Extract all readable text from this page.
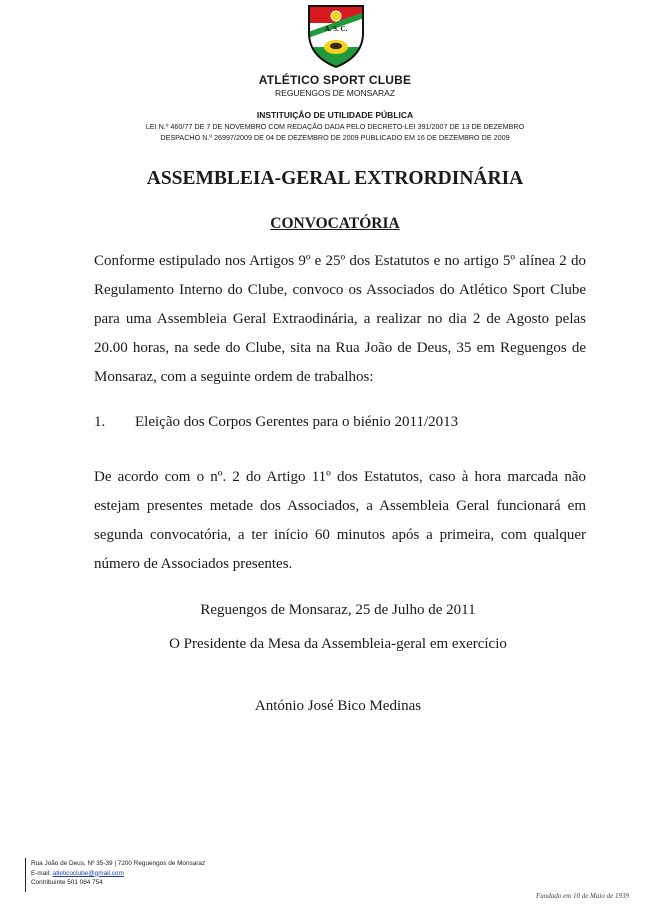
A. S. C.
ATLÉTICO SPORT CLUBE
REGUENGOS DE MONSARAZ
INSTITUIÇÃO DE UTILIDADE PÚBLICA
LEI N.º 460/77 DE 7 DE NOVEMBRO COM REDAÇÃO DADA PELO DECRETO-LEI 391/2007 DE 13 DE DEZEMBRO
DESPACHO N.º 26997/2009 DE 04 DE DEZEMBRO DE 2009 PUBLICADO EM 16 DE DEZEMBRO DE 2009
ASSEMBLEIA-GERAL EXTRORDINÁRIA
CONVOCATÓRIA

Conforme estipulado nos Artigos 9º e 25º dos Estatutos e no artigo 5º alínea 2 do Regulamento Interno do Clube, convoco os Associados do Atlético Sport Clube para uma Assembleia Geral Extraodinária, a realizar no dia 2 de Agosto pelas 20.00 horas, na sede do Clube, sita na Rua João de Deus, 35 em Reguengos de Monsaraz, com a seguinte ordem de trabalhos:

1. Eleição dos Corpos Gerentes para o biénio 2011/2013

De acordo com o nº. 2 do Artigo 11º dos Estatutos, caso à hora marcada não estejam presentes metade dos Associados, a Assembleia Geral funcionará em segunda convocatória, a ter início 60 minutos após a primeira, com qualquer número de Associados presentes.

Reguengos de Monsaraz, 25 de Julho de 2011
O Presidente da Mesa da Assembleia-geral em exercício
António José Bico Medinas
Rua João de Deus, Nº 35-39 | 7200 Reguengos de Monsaraz
E-mail: atleticoclube@gmail.com
Contribuinte 501 084 754
Fundado em 10 de Maio de 1939
